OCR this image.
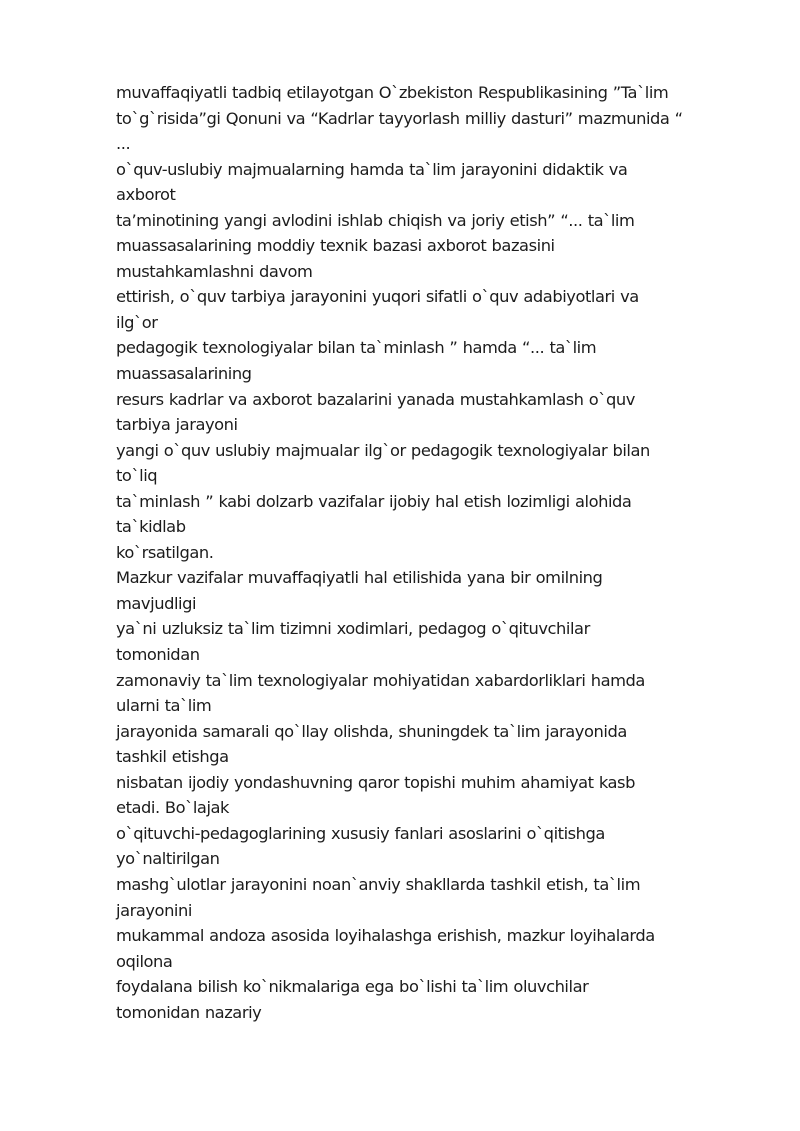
muvaffaqiyatli tadbiq etilayotgan O`zbekiston Respublikasining ”Ta`lim
to`g`risida”gi Qonuni va “Kadrlar tayyorlash milliy dasturi” mazmunida “
...
o`quv-uslubiy majmualarning hamda ta`lim jarayonini didaktik va
axborot
ta’minotining yangi avlodini ishlab chiqish va joriy etish” “... ta`lim
muassasalarining moddiy texnik bazasi axborot bazasini
mustahkamlashni davom
ettirish, o`quv tarbiya jarayonini yuqori sifatli o`quv adabiyotlari va
ilg`or
pedagogik texnologiyalar bilan ta`minlash ” hamda “... ta`lim
muassasalarining
resurs kadrlar va axborot bazalarini yanada mustahkamlash o`quv
tarbiya jarayoni
yangi o`quv uslubiy majmualar ilg`or pedagogik texnologiyalar bilan
to`liq
ta`minlash ” kabi dolzarb vazifalar ijobiy hal etish lozimligi alohida
ta`kidlab
ko`rsatilgan.
Mazkur vazifalar muvaffaqiyatli hal etilishida yana bir omilning
mavjudligi
ya`ni uzluksiz ta`lim tizimni xodimlari, pedagog o`qituvchilar
tomonidan
zamonaviy ta`lim texnologiyalar mohiyatidan xabardorliklari hamda
ularni ta`lim
jarayonida samarali qo`llay olishda, shuningdek ta`lim jarayonida
tashkil etishga
nisbatan ijodiy yondashuvning qaror topishi muhim ahamiyat kasb
etadi. Bo`lajak
o`qituvchi-pedagoglarining xususiy fanlari asoslarini o`qitishga
yo`naltirilgan
mashg`ulotlar jarayonini noan`anviy shakllarda tashkil etish, ta`lim
jarayonini
mukammal andoza asosida loyihalashga erishish, mazkur loyihalarda
oqilona
foydalana bilish ko`nikmalariga ega bo`lishi ta`lim oluvchilar
tomonidan nazariy
